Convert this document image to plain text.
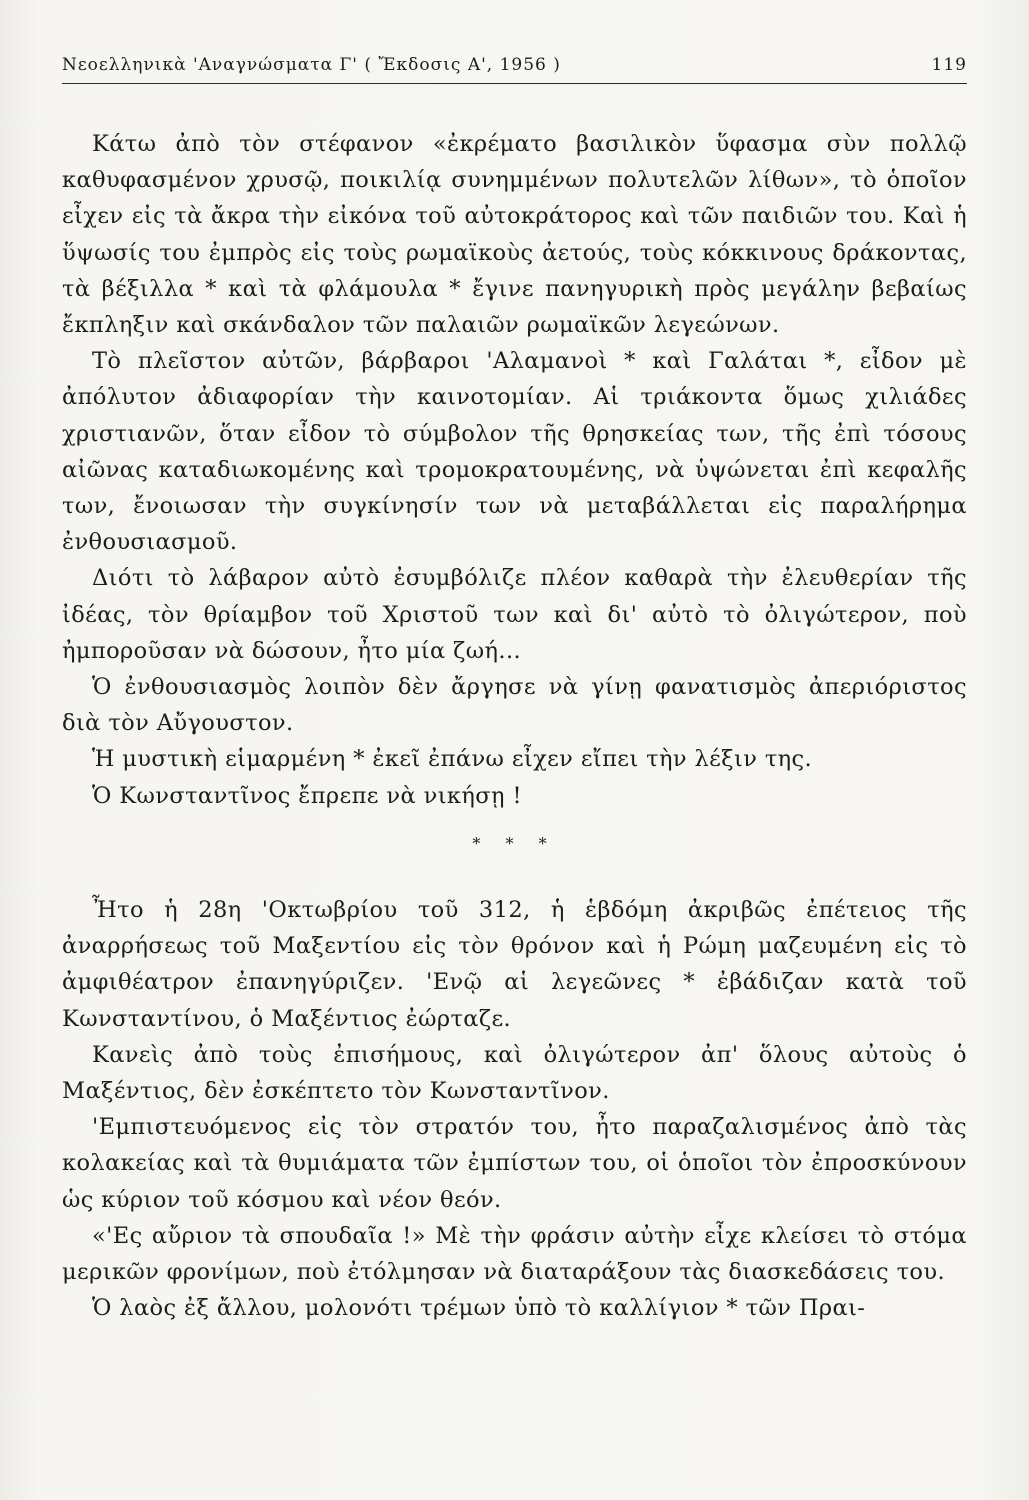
Νεοελληνικὰ 'Αναγνώσματα Γ' ( Ἔκδοσις Α', 1956 )	119

Κάτω ἀπὸ τὸν στέφανον «ἐκρέματο βασιλικὸν ὕφασμα σὺν πολλῷ καθυφασμένον χρυσῷ, ποικιλίᾳ συνημμένων πολυτελῶν λίθων», τὸ ὁποῖον εἶχεν εἰς τὰ ἄκρα τὴν εἰκόνα τοῦ αὐτοκράτορος καὶ τῶν παιδιῶν του. Καὶ ἡ ὕψωσίς του ἐμπρὸς εἰς τοὺς ρωμαϊκοὺς ἀετούς, τοὺς κόκκινους δράκοντας, τὰ βέξιλλα * καὶ τὰ φλάμουλα * ἔγινε πανηγυρικὴ πρὸς μεγάλην βεβαίως ἔκπληξιν καὶ σκάνδαλον τῶν παλαιῶν ρωμαϊκῶν λεγεώνων.

Τὸ πλεῖστον αὐτῶν, βάρβαροι 'Αλαμανοὶ * καὶ Γαλάται *, εἶδον μὲ ἀπόλυτον ἀδιαφορίαν τὴν καινοτομίαν. Αἱ τριάκοντα ὅμως χιλιάδες χριστιανῶν, ὅταν εἶδον τὸ σύμβολον τῆς θρησκείας των, τῆς ἐπὶ τόσους αἰῶνας καταδιωκομένης καὶ τρομοκρατουμένης, νὰ ὑψώνεται ἐπὶ κεφαλῆς των, ἔνοιωσαν τὴν συγκίνησίν των νὰ μεταβάλλεται εἰς παραλήρημα ἐνθουσιασμοῦ.

Διότι τὸ λάβαρον αὐτὸ ἐσυμβόλιζε πλέον καθαρὰ τὴν ἐλευθερίαν τῆς ἰδέας, τὸν θρίαμβον τοῦ Χριστοῦ των καὶ δι' αὐτὸ τὸ ὀλιγώτερον, ποὺ ἠμποροῦσαν νὰ δώσουν, ἦτο μία ζωή...

Ὁ ἐνθουσιασμὸς λοιπὸν δὲν ἄργησε νὰ γίνῃ φανατισμὸς ἀπεριόριστος διὰ τὸν Αὔγουστον.

Ἡ μυστικὴ εἱμαρμένη * ἐκεῖ ἐπάνω εἶχεν εἴπει τὴν λέξιν της.

Ὁ Κωνσταντῖνος ἔπρεπε νὰ νικήσῃ !

* * *

Ἦτο ἡ 28η 'Οκτωβρίου τοῦ 312, ἡ ἑβδόμη ἀκριβῶς ἐπέτειος τῆς ἀναρρήσεως τοῦ Μαξεντίου εἰς τὸν θρόνον καὶ ἡ Ρώμη μαζευμένη εἰς τὸ ἀμφιθέατρον ἐπανηγύριζεν. 'Ενῷ αἱ λεγεῶνες * ἐβάδιζαν κατὰ τοῦ Κωνσταντίνου, ὁ Μαξέντιος ἐώρταζε.

Κανεὶς ἀπὸ τοὺς ἐπισήμους, καὶ ὀλιγώτερον ἀπ' ὅλους αὐτοὺς ὁ Μαξέντιος, δὲν ἐσκέπτετο τὸν Κωνσταντῖνον.

'Εμπιστευόμενος εἰς τὸν στρατόν του, ἦτο παραζαλισμένος ἀπὸ τὰς κολακείας καὶ τὰ θυμιάματα τῶν ἐμπίστων του, οἱ ὁποῖοι τὸν ἐπροσκύνουν ὡς κύριον τοῦ κόσμου καὶ νέον θεόν.

«'Ες αὔριον τὰ σπουδαῖα !» Μὲ τὴν φράσιν αὐτὴν εἶχε κλείσει τὸ στόμα μερικῶν φρονίμων, ποὺ ἐτόλμησαν νὰ διαταράξουν τὰς διασκεδάσεις του.

Ὁ λαὸς ἐξ ἄλλου, μολονότι τρέμων ὑπὸ τὸ καλλίγιον * τῶν Πραι-
